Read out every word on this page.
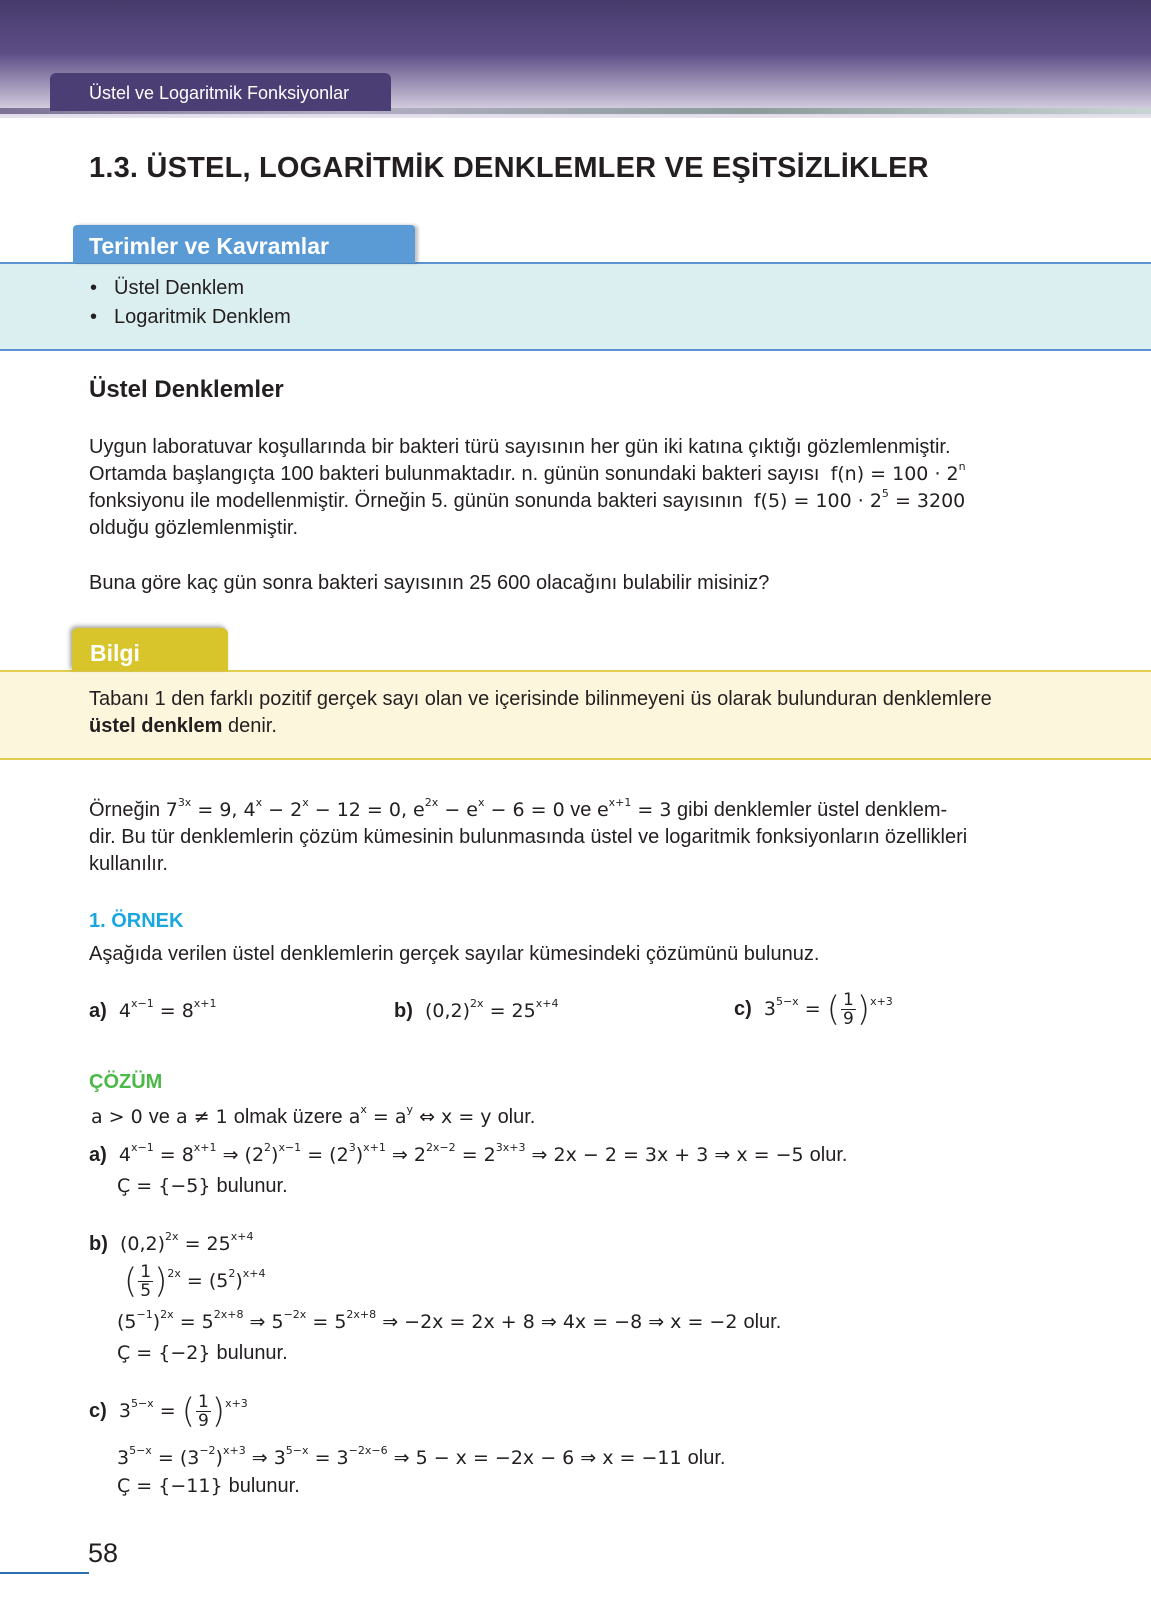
Üstel ve Logaritmik Fonksiyonlar
1.3. ÜSTEL, LOGARİTMİK DENKLEMLER VE EŞİTSİZLİKLER
Terimler ve Kavramlar
• Üstel Denklem
• Logaritmik Denklem
Üstel Denklemler
Uygun laboratuvar koşullarında bir bakteri türü sayısının her gün iki katına çıktığı gözlemlenmiştir.
Ortamda başlangıçta 100 bakteri bulunmaktadır. n. günün sonundaki bakteri sayısı $f(n) = 100 \cdot 2^n$
fonksiyonu ile modellenmiştir. Örneğin 5. günün sonunda bakteri sayısının $f(5) = 100 \cdot 2^5 = 3200$
olduğu gözlemlenmiştir.

Buna göre kaç gün sonra bakteri sayısının 25 600 olacağını bulabilir misiniz?

Bilgi

Tabanı 1 den farklı pozitif gerçek sayı olan ve içerisinde bilinmeyeni üs olarak bulunduran denklemlere
üstel denklem denir.

Örneğin $7^{3x} = 9$, $4^x - 2^x - 12 = 0$, $e^{2x} - e^x - 6 = 0$ ve $e^{x+1} = 3$ gibi denklemler üstel denklem-
dir. Bu tür denklemlerin çözüm kümesinin bulunmasında üstel ve logaritmik fonksiyonların özellikleri
kullanılır.

1. ÖRNEK

Aşağıda verilen üstel denklemlerin gerçek sayılar kümesindeki çözümünü bulunuz.

a)  $4^{x-1} = 8^{x+1}$	b)  $(0,2)^{2x} = 25^{x+4}$	c)  $3^{5-x}$ = ( $\frac{1}{9} )^{x+3}$

ÇÖZÜM

a > 0 ve a ≠ 1 olmak üzere $a^x = a^y$ ⇔ x = y olur.
a)  $4^{x-1} = 8^{x+1}$ ⇒ $(2^2)^{x-1} = (2^3)^{x+1}$ ⇒ $2^{2x-2} = 2^{3x+3}$ ⇒ 2x − 2 = 3x + 3 ⇒ x = −5 olur.
Ç = {−5} bulunur.
b)  $(0,2)^{2x} = 25^{x+4}$
( $\frac{1}{5} )^{2x} = (5^2)^{x+4}$
$(5^{-1})^{2x} = 5^{2x+8}$ ⇒ $5^{-2x} = 5^{2x+8}$ ⇒ −2x = 2x + 8 ⇒ 4x = −8 ⇒ x = −2 olur.
Ç = {−2} bulunur.
c)  $3^{5-x}$ = ( $\frac{1}{9} )^{x+3}$
$3^{5-x} = (3^{-2})^{x+3}$ ⇒ $3^{5-x} = 3^{-2x-6}$ ⇒ 5 − x = −2x − 6 ⇒ x = −11 olur.
Ç = {−11} bulunur.
58
